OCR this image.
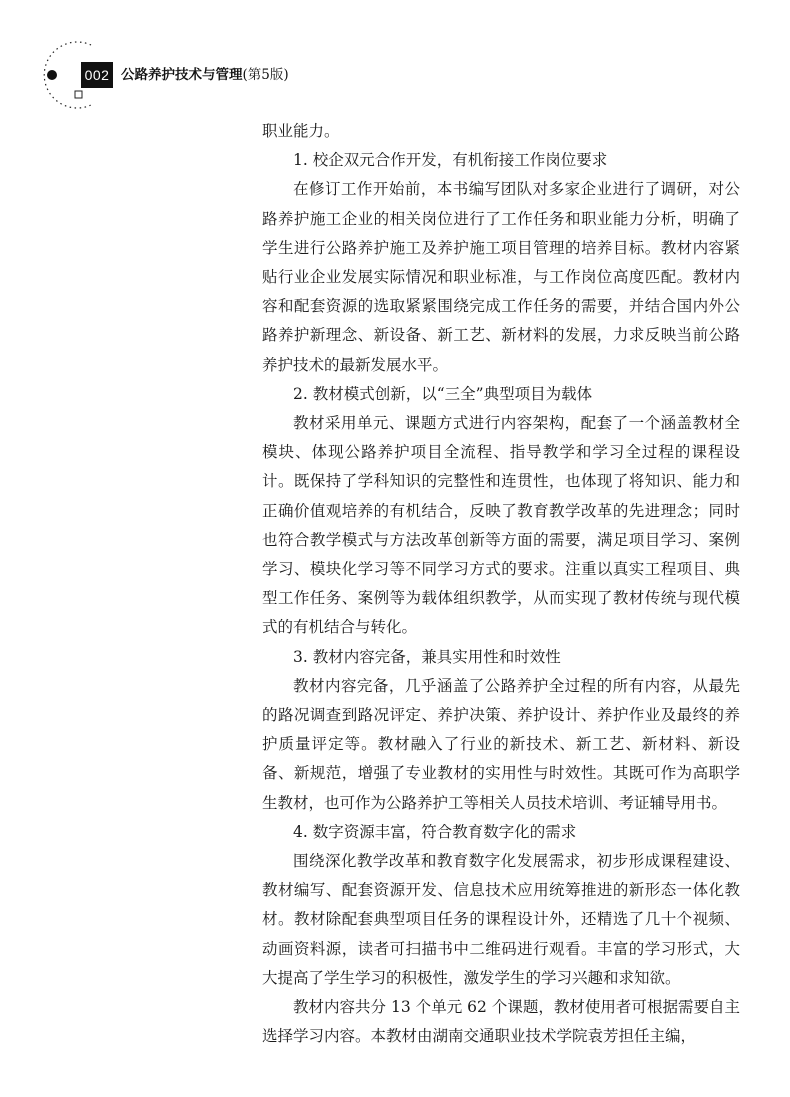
002 公路养护技术与管理(第5版)

职业能力。

1. 校企双元合作开发，有机衔接工作岗位要求

在修订工作开始前，本书编写团队对多家企业进行了调研，对公路养护施工企业的相关岗位进行了工作任务和职业能力分析，明确了学生进行公路养护施工及养护施工项目管理的培养目标。教材内容紧贴行业企业发展实际情况和职业标准，与工作岗位高度匹配。教材内容和配套资源的选取紧紧围绕完成工作任务的需要，并结合国内外公路养护新理念、新设备、新工艺、新材料的发展，力求反映当前公路养护技术的最新发展水平。

2. 教材模式创新，以“三全”典型项目为载体

教材采用单元、课题方式进行内容架构，配套了一个涵盖教材全模块、体现公路养护项目全流程、指导教学和学习全过程的课程设计。既保持了学科知识的完整性和连贯性，也体现了将知识、能力和正确价值观培养的有机结合，反映了教育教学改革的先进理念；同时也符合教学模式与方法改革创新等方面的需要，满足项目学习、案例学习、模块化学习等不同学习方式的要求。注重以真实工程项目、典型工作任务、案例等为载体组织教学，从而实现了教材传统与现代模式的有机结合与转化。

3. 教材内容完备，兼具实用性和时效性

教材内容完备，几乎涵盖了公路养护全过程的所有内容，从最先的路况调查到路况评定、养护决策、养护设计、养护作业及最终的养护质量评定等。教材融入了行业的新技术、新工艺、新材料、新设备、新规范，增强了专业教材的实用性与时效性。其既可作为高职学生教材，也可作为公路养护工等相关人员技术培训、考证辅导用书。

4. 数字资源丰富，符合教育数字化的需求

围绕深化教学改革和教育数字化发展需求，初步形成课程建设、教材编写、配套资源开发、信息技术应用统筹推进的新形态一体化教材。教材除配套典型项目任务的课程设计外，还精选了几十个视频、动画资料源，读者可扫描书中二维码进行观看。丰富的学习形式，大大提高了学生学习的积极性，激发学生的学习兴趣和求知欲。

教材内容共分 13 个单元 62 个课题，教材使用者可根据需要自主选择学习内容。本教材由湖南交通职业技术学院袁芳担任主编，
